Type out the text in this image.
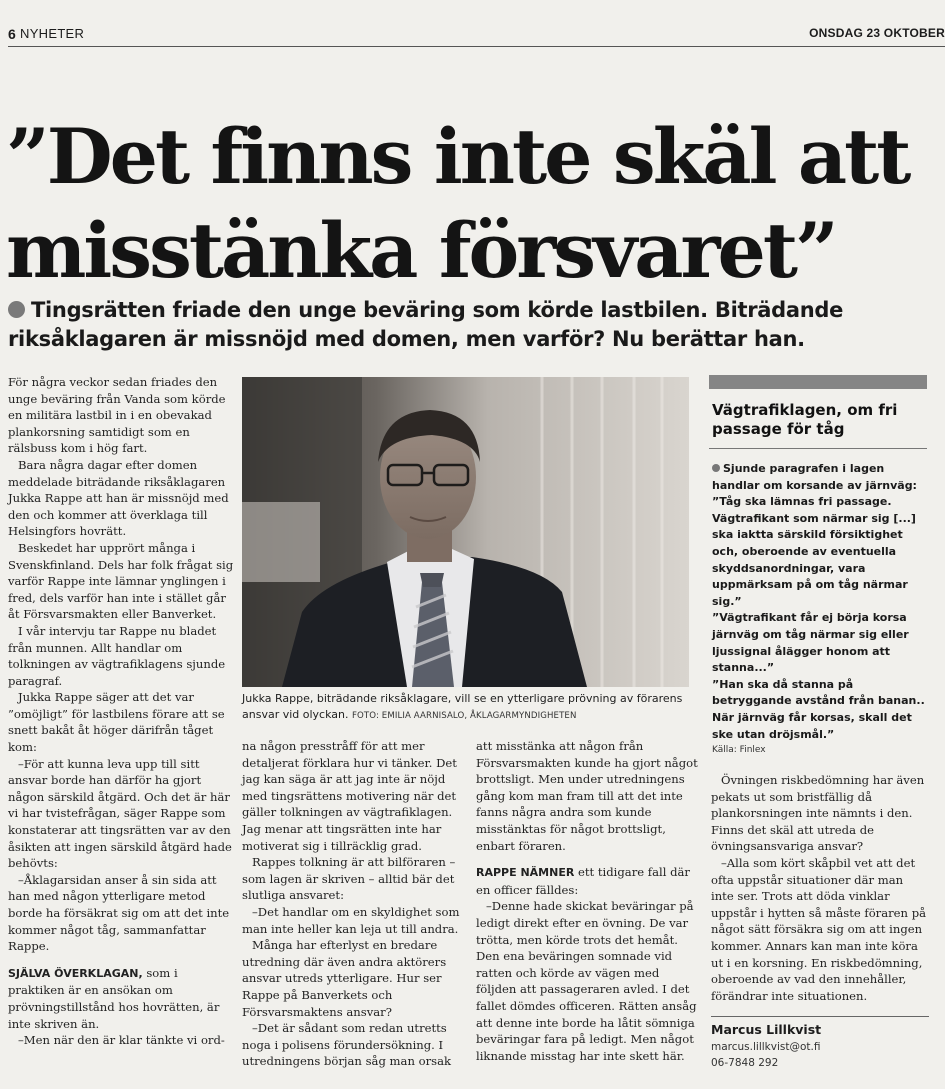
6 NYHETER	ONSDAG 23 OKTOBER
”Det finns inte skäl att
misstänka försvaret”
Tingsrätten friade den unge beväring som körde lastbilen. Biträdande
riksåklagaren är missnöjd med domen, men varför? Nu berättar han.

För några veckor sedan friades den unge beväring från Vanda som körde en militära lastbil in i en obevakad plankorsning samtidigt som en rälsbuss kom i hög fart.

Bara några dagar efter domen meddelade biträdande riksåklagaren Jukka Rappe att han är missnöjd med den och kommer att överklaga till Helsingfors hovrätt.

Beskedet har upprört många i Svenskfinland. Dels har folk frågat sig varför Rappe inte lämnar ynglingen i fred, dels varför han inte i stället går åt Försvarsmakten eller Banverket.

I vår intervju tar Rappe nu bladet från munnen. Allt handlar om tolkningen av vägtrafiklagens sjunde paragraf.

Jukka Rappe säger att det var ”omöjligt” för lastbilens förare att se snett bakåt åt höger därifrån tåget kom:

–För att kunna leva upp till sitt ansvar borde han därför ha gjort någon särskild åtgärd. Och det är här vi har tvistefrågan, säger Rappe som konstaterar att tingsrätten var av den åsikten att ingen särskild åtgärd hade behövts:

–Åklagarsidan anser å sin sida att han med någon ytterligare metod borde ha försäkrat sig om att det inte kommer något tåg, sammanfattar Rappe.

SJÄLVA ÖVERKLAGAN, som i praktiken är en ansökan om prövningstillstånd hos hovrätten, är inte skriven än.

–Men när den är klar tänkte vi ord-

Jukka Rappe, biträdande riksåklagare, vill se en ytterligare prövning av förarens ansvar vid olyckan. FOTO: EMILIA AARNISALO, ÅKLAGARMYNDIGHETEN

na någon presstråff för att mer detaljerat förklara hur vi tänker. Det jag kan säga är att jag inte är nöjd med tingsrättens motivering när det gäller tolkningen av vägtrafiklagen. Jag menar att tingsrätten inte har motiverat sig i tillräcklig grad.

Rappes tolkning är att bilföraren – som lagen är skriven – alltid bär det slutliga ansvaret:

–Det handlar om en skyldighet som man inte heller kan leja ut till andra.

Många har efterlyst en bredare utredning där även andra aktörers ansvar utreds ytterligare. Hur ser Rappe på Banverkets och Försvarsmaktens ansvar?

–Det är sådant som redan utretts noga i polisens förundersökning. I utredningens början såg man orsak

att misstänka att någon från Försvarsmakten kunde ha gjort något brottsligt. Men under utredningens gång kom man fram till att det inte fanns några andra som kunde misstänktas för något brottsligt, enbart föraren.

RAPPE NÄMNER ett tidigare fall där en officer fälldes:

–Denne hade skickat beväringar på ledigt direkt efter en övning. De var trötta, men körde trots det hemåt. Den ena beväringen somnade vid ratten och körde av vägen med följden att passageraren avled. I det fallet dömdes officeren. Rätten ansåg att denne inte borde ha låtit sömniga beväringar fara på ledigt. Men något liknande misstag har inte skett här.

Vägtrafiklagen, om fri passage för tåg

Sjunde paragrafen i lagen handlar om korsande av järnväg:

”Tåg ska lämnas fri passage. Vägtrafikant som närmar sig [...] ska iaktta särskild försiktighet och, oberoende av eventuella skyddsanordningar, vara uppmärksam på om tåg närmar sig.”

”Vägtrafikant får ej börja korsa järnväg om tåg närmar sig eller ljussignal ålägger honom att stanna...”

”Han ska då stanna på betryggande avstånd från banan.. När järnväg får korsas, skall det ske utan dröjsmål.”

Källa: Finlex

Övningen riskbedömning har även pekats ut som bristfällig då plankorsningen inte nämnts i den. Finns det skäl att utreda de övningsansvariga ansvar?

–Alla som kört skåpbil vet att det ofta uppstår situationer där man inte ser. Trots att döda vinklar uppstår i hytten så måste föraren på något sätt försäkra sig om att ingen kommer. Annars kan man inte köra ut i en korsning. En riskbedömning, oberoende av vad den innehåller, förändrar inte situationen.

Marcus Lillkvist
marcus.lillkvist@ot.fi
06-7848 292
